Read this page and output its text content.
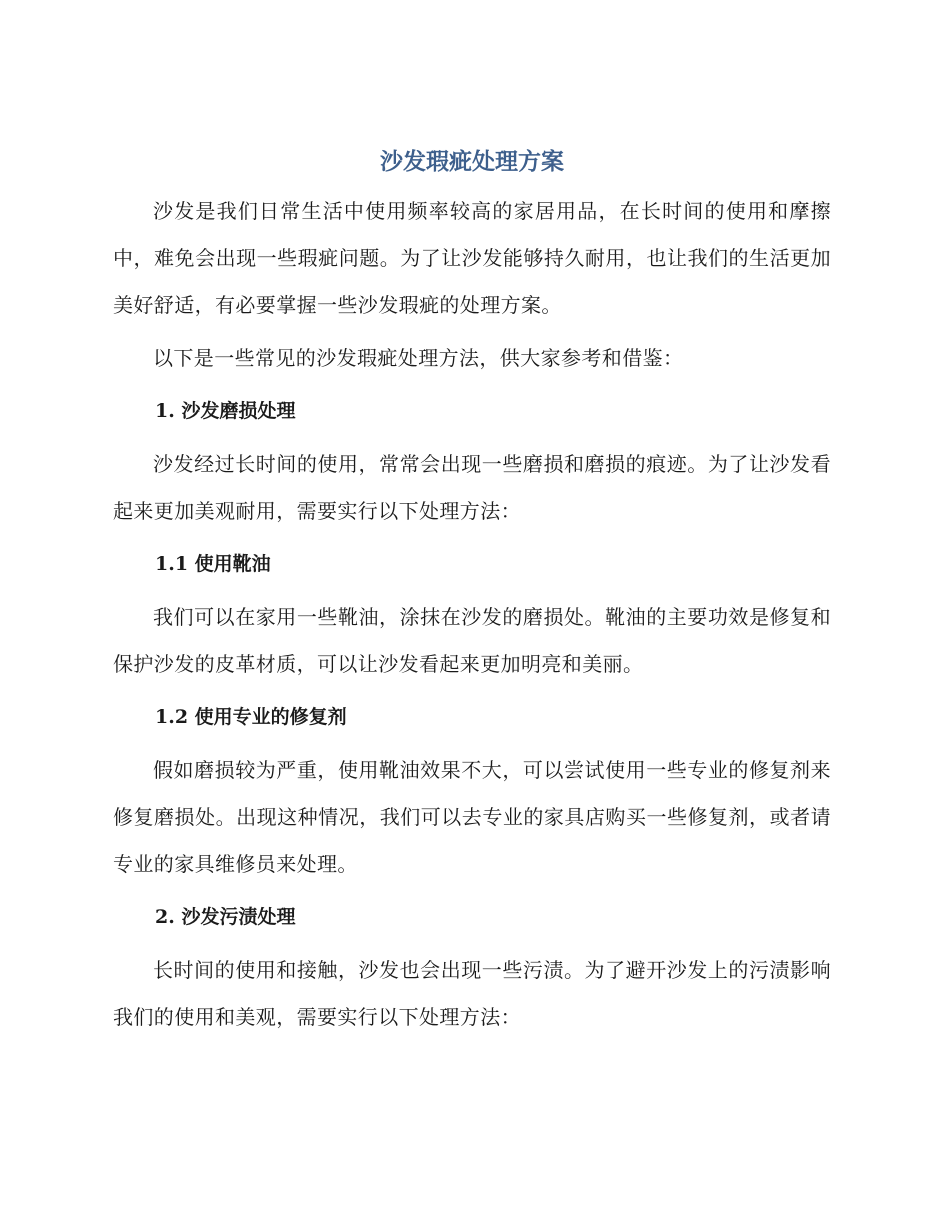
沙发瑕疵处理方案

沙发是我们日常生活中使用频率较高的家居用品，在长时间的使用和摩擦中，难免会出现一些瑕疵问题。为了让沙发能够持久耐用，也让我们的生活更加美好舒适，有必要掌握一些沙发瑕疵的处理方案。

以下是一些常见的沙发瑕疵处理方法，供大家参考和借鉴：

1. 沙发磨损处理

沙发经过长时间的使用，常常会出现一些磨损和磨损的痕迹。为了让沙发看起来更加美观耐用，需要实行以下处理方法：

1.1 使用靴油

我们可以在家用一些靴油，涂抹在沙发的磨损处。靴油的主要功效是修复和保护沙发的皮革材质，可以让沙发看起来更加明亮和美丽。

1.2 使用专业的修复剂

假如磨损较为严重，使用靴油效果不大，可以尝试使用一些专业的修复剂来修复磨损处。出现这种情况，我们可以去专业的家具店购买一些修复剂，或者请专业的家具维修员来处理。

2. 沙发污渍处理

长时间的使用和接触，沙发也会出现一些污渍。为了避开沙发上的污渍影响我们的使用和美观，需要实行以下处理方法：
